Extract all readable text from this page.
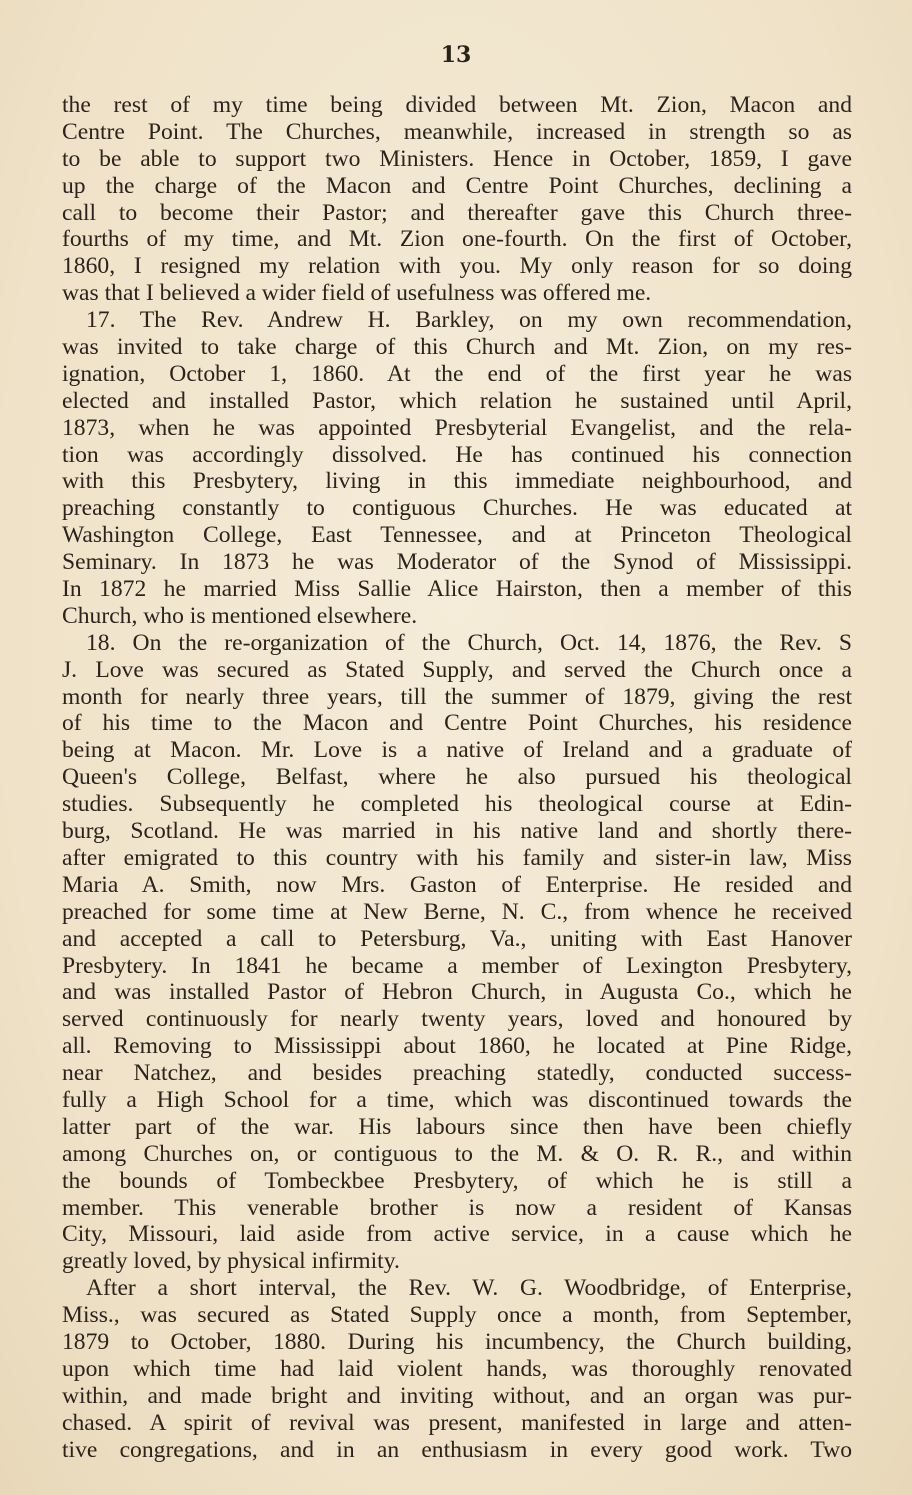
13
the rest of my time being divided between Mt. Zion, Macon and
Centre Point. The Churches, meanwhile, increased in strength so as
to be able to support two Ministers. Hence in October, 1859, I gave
up the charge of the Macon and Centre Point Churches, declining a
call to become their Pastor; and thereafter gave this Church three-
fourths of my time, and Mt. Zion one-fourth. On the first of October,
1860, I resigned my relation with you. My only reason for so doing
was that I believed a wider field of usefulness was offered me.
17. The Rev. Andrew H. Barkley, on my own recommendation,
was invited to take charge of this Church and Mt. Zion, on my res-
ignation, October 1, 1860. At the end of the first year he was
elected and installed Pastor, which relation he sustained until April,
1873, when he was appointed Presbyterial Evangelist, and the rela-
tion was accordingly dissolved. He has continued his connection
with this Presbytery, living in this immediate neighbourhood, and
preaching constantly to contiguous Churches. He was educated at
Washington College, East Tennessee, and at Princeton Theological
Seminary. In 1873 he was Moderator of the Synod of Mississippi.
In 1872 he married Miss Sallie Alice Hairston, then a member of this
Church, who is mentioned elsewhere.
18. On the re-organization of the Church, Oct. 14, 1876, the Rev. S
J. Love was secured as Stated Supply, and served the Church once a
month for nearly three years, till the summer of 1879, giving the rest
of his time to the Macon and Centre Point Churches, his residence
being at Macon. Mr. Love is a native of Ireland and a graduate of
Queen's College, Belfast, where he also pursued his theological
studies. Subsequently he completed his theological course at Edin-
burg, Scotland. He was married in his native land and shortly there-
after emigrated to this country with his family and sister-in law, Miss
Maria A. Smith, now Mrs. Gaston of Enterprise. He resided and
preached for some time at New Berne, N. C., from whence he received
and accepted a call to Petersburg, Va., uniting with East Hanover
Presbytery. In 1841 he became a member of Lexington Presbytery,
and was installed Pastor of Hebron Church, in Augusta Co., which he
served continuously for nearly twenty years, loved and honoured by
all. Removing to Mississippi about 1860, he located at Pine Ridge,
near Natchez, and besides preaching statedly, conducted success-
fully a High School for a time, which was discontinued towards the
latter part of the war. His labours since then have been chiefly
among Churches on, or contiguous to the M. & O. R. R., and within
the bounds of Tombeckbee Presbytery, of which he is still a
member. This venerable brother is now a resident of Kansas
City, Missouri, laid aside from active service, in a cause which he
greatly loved, by physical infirmity.
After a short interval, the Rev. W. G. Woodbridge, of Enterprise,
Miss., was secured as Stated Supply once a month, from September,
1879 to October, 1880. During his incumbency, the Church building,
upon which time had laid violent hands, was thoroughly renovated
within, and made bright and inviting without, and an organ was pur-
chased. A spirit of revival was present, manifested in large and atten-
tive congregations, and in an enthusiasm in every good work. Two
